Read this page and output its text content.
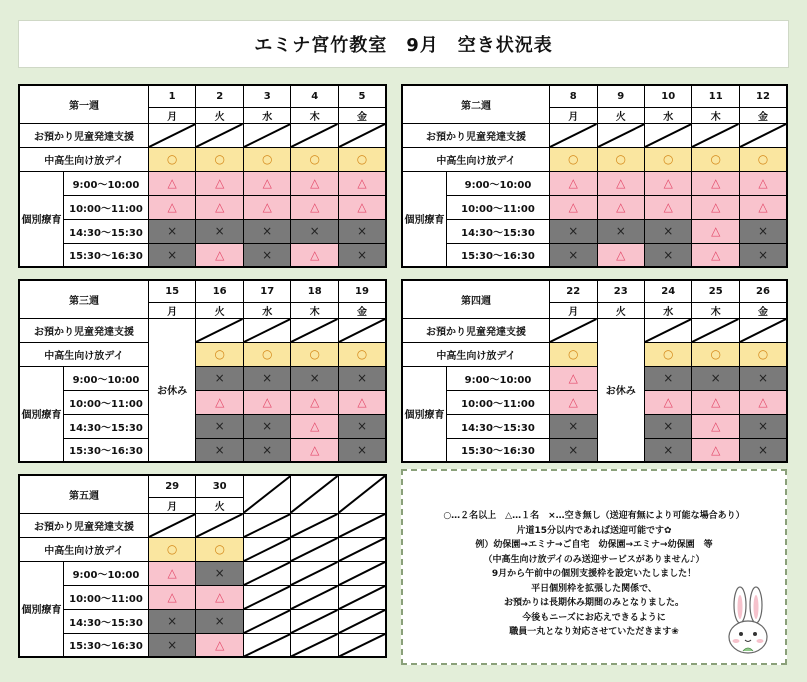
エミナ宮竹教室　9月　空き状況表
第一週		1	2	3	4	5
		月	火	水	木	金
お預かり児童発達支援	

中高生向け放デイ		○	○	○	○	○
個別療育	9:00〜10:00	△	△	△	△	△
	10:00〜11:00	△	△	△	△	△
	14:30〜15:30	×	×	×	×	×
	15:30〜16:30	×	△	×	△	×
第二週		8	9	10	11	12
		月	火	水	木	金
お預かり児童発達支援	

中高生向け放デイ		○	○	○	○	○
個別療育	9:00〜10:00	△	△	△	△	△
	10:00〜11:00	△	△	△	△	△
	14:30〜15:30	×	×	×	△	×
	15:30〜16:30	×	△	×	△	×
第三週		15	16	17	18	19
		月	火	水	木	金
お預かり児童発達支援		お休み	

中高生向け放デイ			○	○	○	○
個別療育	9:00〜10:00		×	×	×	×
	10:00〜11:00		△	△	△	△
	14:30〜15:30		×	×	△	×
	15:30〜16:30		×	×	△	×
第四週		22	23	24	25	26
		月	火	水	木	金
お預かり児童発達支援			お休み	

中高生向け放デイ		○		○	○	○
個別療育	9:00〜10:00	△		×	×	×
	10:00〜11:00	△		△	△	△
	14:30〜15:30	×		×	△	×
	15:30〜16:30	×		×	△	×
第五週		29	30	

		月	火			
お預かり児童発達支援	

中高生向け放デイ		○	○	

個別療育	9:00〜10:00	△	×	

	10:00〜11:00	△	△	

	14:30〜15:30	×	×	

	15:30〜16:30	×	△	

○…２名以上　△…１名　×…空き無し（送迎有無により可能な場合あり）
片道15分以内であれば送迎可能です✿
例）幼保園→エミナ→ご自宅　幼保園→エミナ→幼保園　等
（中高生向け放デイのみ送迎サービスがありません♪）
9月から午前中の個別支援枠を設定いたしました！
平日個別枠を拡張した関係で、
お預かりは長期休み期間のみとなりました。
今後もニーズにお応えできるように
職員一丸となり対応させていただきます❀
